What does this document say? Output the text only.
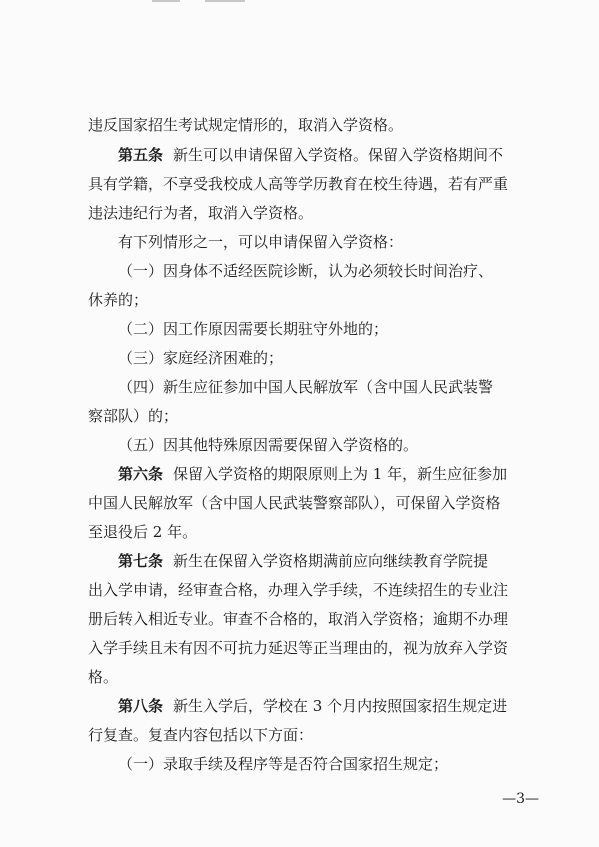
违反国家招生考试规定情形的，取消入学资格。
第五条 新生可以申请保留入学资格。保留入学资格期间不
具有学籍，不享受我校成人高等学历教育在校生待遇，若有严重
违法违纪行为者，取消入学资格。
有下列情形之一，可以申请保留入学资格：
（一）因身体不适经医院诊断，认为必须较长时间治疗、
休养的；
（二）因工作原因需要长期驻守外地的；
（三）家庭经济困难的；
（四）新生应征参加中国人民解放军（含中国人民武装警
察部队）的；
（五）因其他特殊原因需要保留入学资格的。
第六条 保留入学资格的期限原则上为 1 年，新生应征参加
中国人民解放军（含中国人民武装警察部队），可保留入学资格
至退役后 2 年。
第七条 新生在保留入学资格期满前应向继续教育学院提
出入学申请，经审查合格，办理入学手续，不连续招生的专业注
册后转入相近专业。审查不合格的，取消入学资格；逾期不办理
入学手续且未有因不可抗力延迟等正当理由的，视为放弃入学资
格。
第八条 新生入学后，学校在 3 个月内按照国家招生规定进
行复查。复查内容包括以下方面：
（一）录取手续及程序等是否符合国家招生规定；
—3—
